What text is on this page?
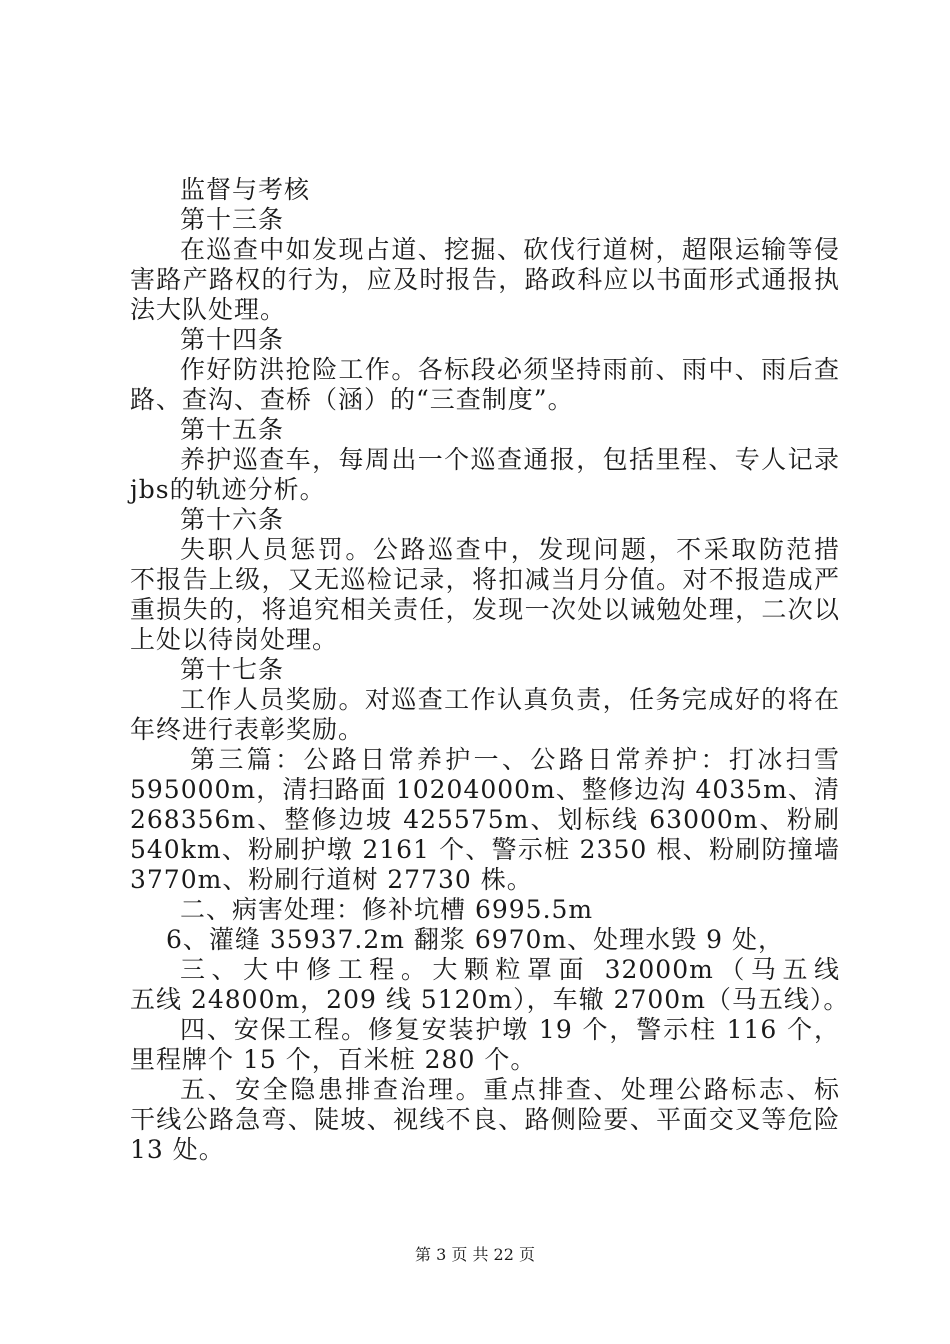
监督与考核
第十三条
在巡查中如发现占道、挖掘、砍伐行道树，超限运输等侵
害路产路权的行为，应及时报告，路政科应以书面形式通报执
法大队处理。
第十四条
作好防洪抢险工作。各标段必须坚持雨前、雨中、雨后查
路、查沟、查桥（涵）的“三查制度”。
第十五条
养护巡查车，每周出一个巡查通报，包括里程、专人记录
jbs的轨迹分析。
第十六条
失职人员惩罚。公路巡查中，发现问题，不采取防范措
不报告上级，又无巡检记录，将扣减当月分值。对不报造成严
重损失的，将追究相关责任，发现一次处以诫勉处理，二次以
上处以待岗处理。
第十七条
工作人员奖励。对巡查工作认真负责，任务完成好的将在
年终进行表彰奖励。
第三篇：公路日常养护一、公路日常养护：打冰扫雪
595000m，清扫路面 10204000m、整修边沟 4035m、清
268356m、整修边坡 425575m、划标线 63000m、粉刷
540km、粉刷护墩 2161 个、警示桩 2350 根、粉刷防撞墙
3770m、粉刷行道树 27730 株。
二、病害处理：修补坑槽 6995.5m
6、灌缝 35937.2m 翻浆 6970m、处理水毁 9 处，
三、大中修工程。大颗粒罩面 32000m（马五线
五线 24800m，209 线 5120m），车辙 2700m（马五线）。
四、安保工程。修复安装护墩 19 个，警示柱 116 个，
里程牌个 15 个，百米桩 280 个。
五、安全隐患排查治理。重点排查、处理公路标志、标
干线公路急弯、陡坡、视线不良、路侧险要、平面交叉等危险
13 处。
第 3 页 共 22 页
